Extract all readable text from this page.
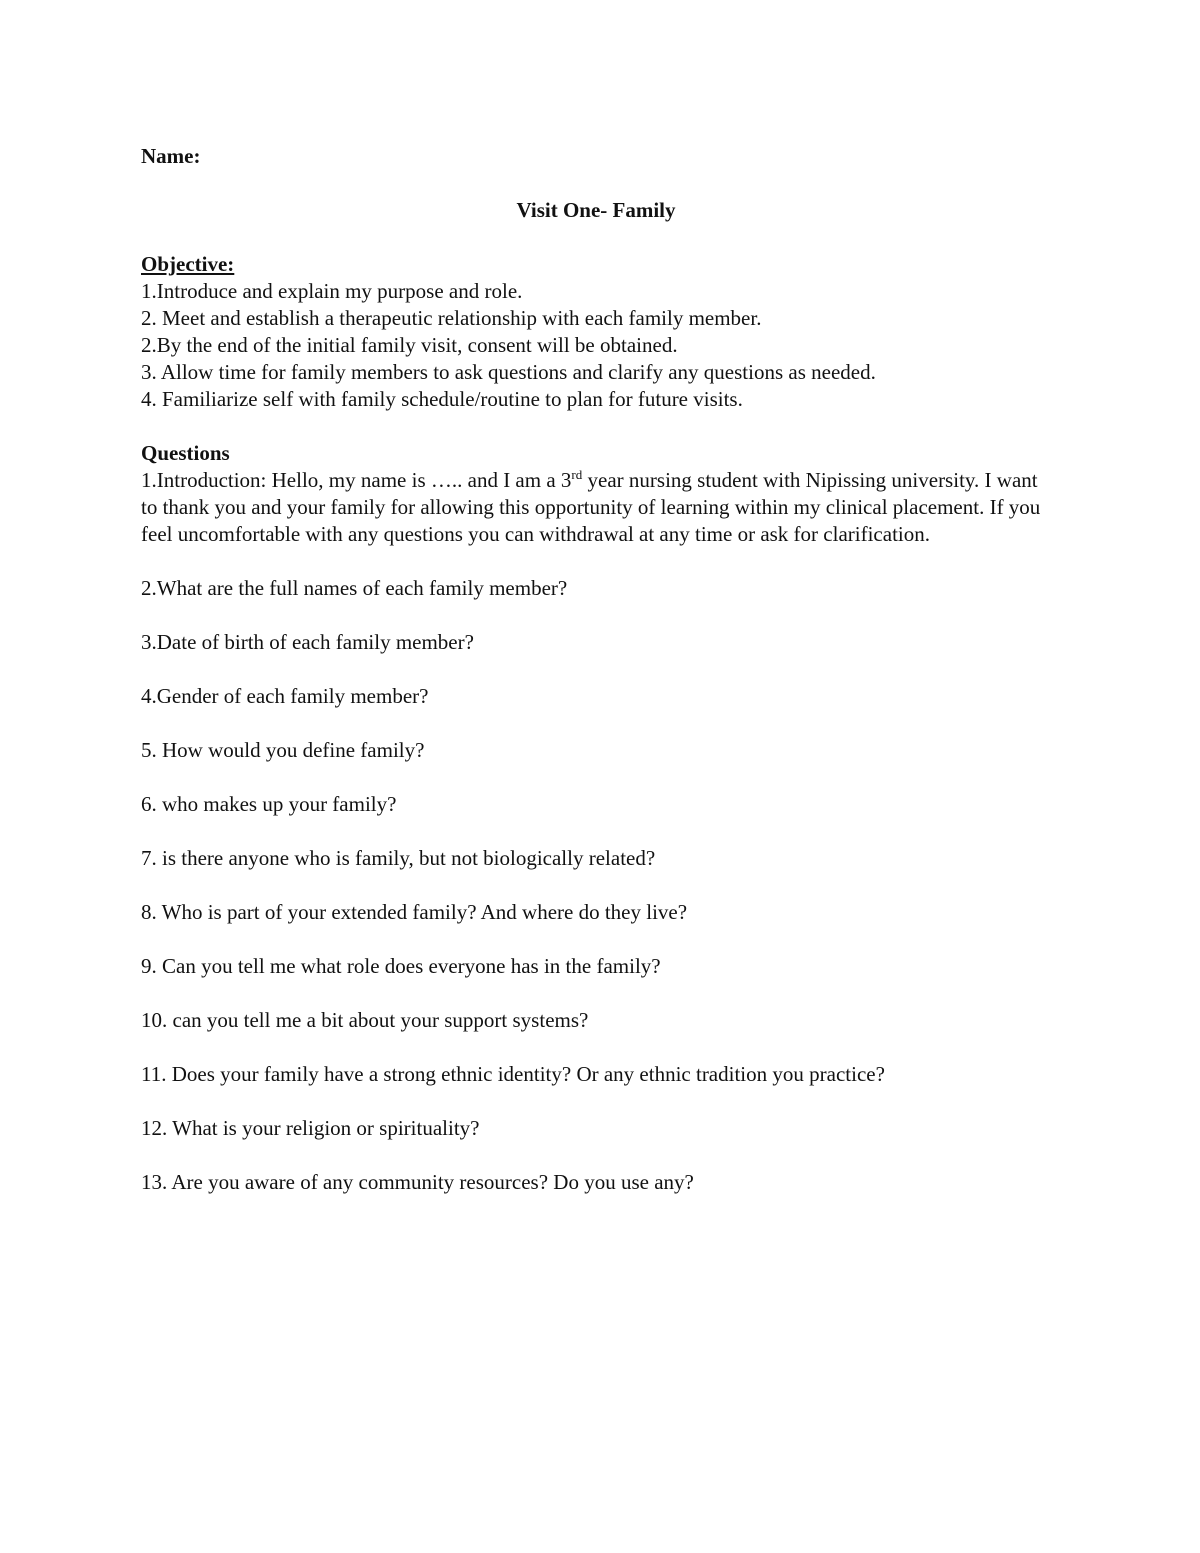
Name:

Visit One- Family

Objective:

1.Introduce and explain my purpose and role.

2. Meet and establish a therapeutic relationship with each family member.

2.By the end of the initial family visit, consent will be obtained.

3. Allow time for family members to ask questions and clarify any questions as needed.

4. Familiarize self with family schedule/routine to plan for future visits.

Questions

1.Introduction: Hello, my name is ….. and I am a 3rd year nursing student with Nipissing university. I want to thank you and your family for allowing this opportunity of learning within my clinical placement. If you feel uncomfortable with any questions you can withdrawal at any time or ask for clarification.

2.What are the full names of each family member?

3.Date of birth of each family member?

4.Gender of each family member?

5. How would you define family?

6. who makes up your family?

7. is there anyone who is family, but not biologically related?

8. Who is part of your extended family? And where do they live?

9. Can you tell me what role does everyone has in the family?

10. can you tell me a bit about your support systems?

11. Does your family have a strong ethnic identity? Or any ethnic tradition you practice?

12. What is your religion or spirituality?

13. Are you aware of any community resources? Do you use any?
